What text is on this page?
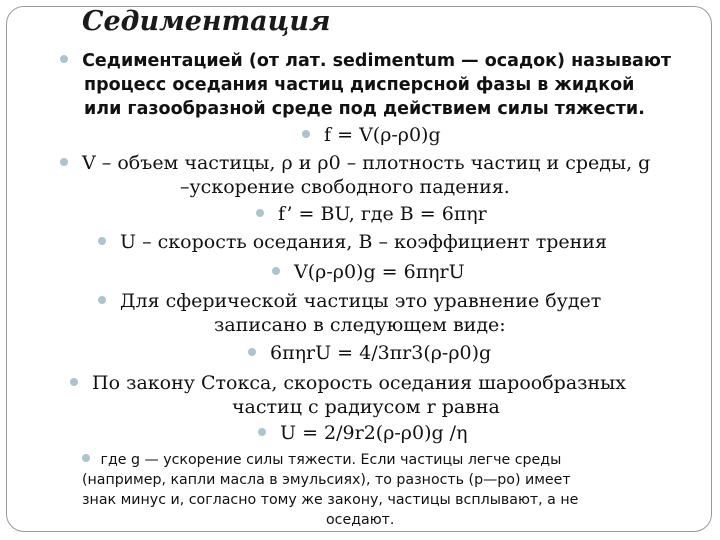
Седиментация
Седиментацией (от лат. sedimentum — осадок) называют
процесс оседания частиц дисперсной фазы в жидкой
или газообразной среде под действием силы тяжести.
f = V(ρ-ρ0)g
V – объем частицы, ρ и ρ0 – плотность частиц и среды, g
–ускорение свободного падения.
f’ = BU, где B = 6πηr
U – скорость оседания, B – коэффициент трения
V(ρ-ρ0)g = 6πηrU
Для сферической частицы это уравнение будет
записано в следующем виде:
6πηrU = 4/3πr3(ρ-ρ0)g
По закону Стокса, скорость оседания шарообразных
частиц с радиусом r равна
U = 2/9r2(ρ-ρ0)g /η
где g — ускорение силы тяжести. Если частицы легче среды
(например, капли масла в эмульсиях), то разность (p—po) имеет
знак минус и, согласно тому же закону, частицы всплывают, а не
оседают.
